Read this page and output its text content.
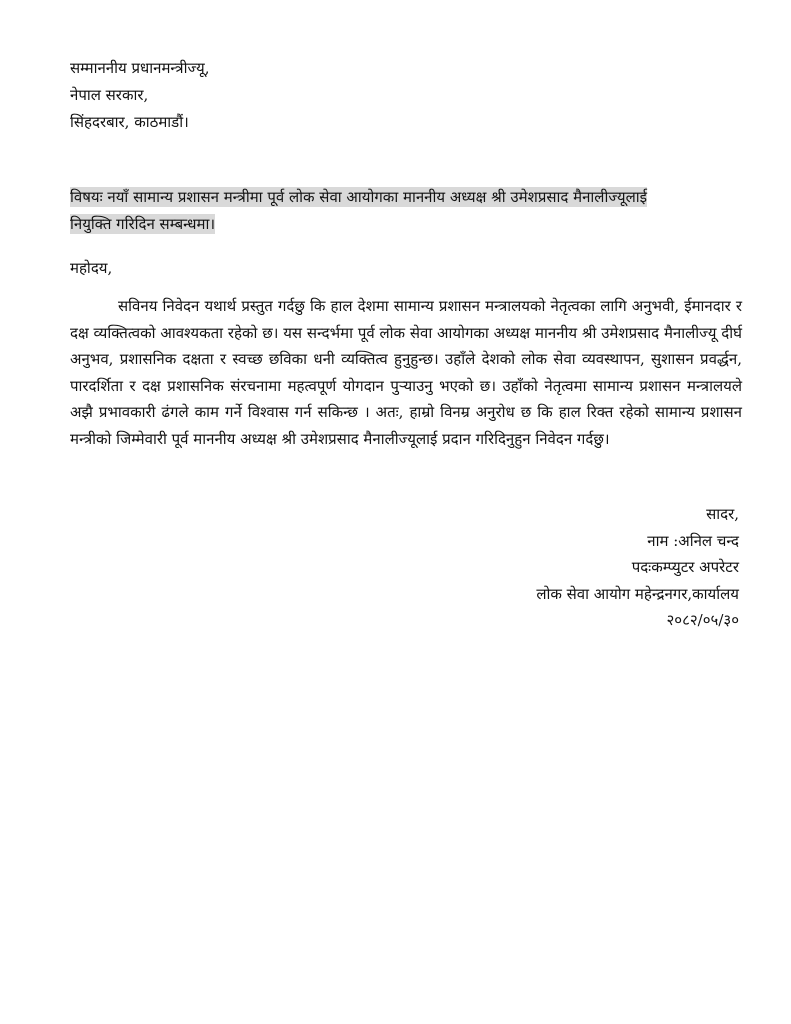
सम्माननीय प्रधानमन्त्रीज्यू,
नेपाल सरकार,
सिंहदरबार, काठमाडौं।
विषयः नयाँ सामान्य प्रशासन मन्त्रीमा पूर्व लोक सेवा आयोगका माननीय अध्यक्ष श्री उमेशप्रसाद मैनालीज्यूलाई
नियुक्ति गरिदिन सम्बन्धमा।
महोदय,
सविनय निवेदन यथार्थ प्रस्तुत गर्दछु कि हाल देशमा सामान्य प्रशासन मन्त्रालयको नेतृत्वका लागि अनुभवी, ईमानदार र दक्ष व्यक्तित्वको आवश्यकता रहेको छ। यस सन्दर्भमा पूर्व लोक सेवा आयोगका अध्यक्ष माननीय श्री उमेशप्रसाद मैनालीज्यू दीर्घ अनुभव, प्रशासनिक दक्षता र स्वच्छ छविका धनी व्यक्तित्व हुनुहुन्छ। उहाँले देशको लोक सेवा व्यवस्थापन, सुशासन प्रवर्द्धन, पारदर्शिता र दक्ष प्रशासनिक संरचनामा महत्वपूर्ण योगदान पुऱ्याउनु भएको छ। उहाँको नेतृत्वमा सामान्य प्रशासन मन्त्रालयले अझै प्रभावकारी ढंगले काम गर्ने विश्वास गर्न सकिन्छ । अतः, हाम्रो विनम्र अनुरोध छ कि हाल रिक्त रहेको सामान्य प्रशासन मन्त्रीको जिम्मेवारी पूर्व माननीय अध्यक्ष श्री उमेशप्रसाद मैनालीज्यूलाई प्रदान गरिदिनुहुन निवेदन गर्दछु।
सादर,
नाम :अनिल चन्द
पदःकम्प्युटर अपरेटर
लोक सेवा आयोग महेन्द्रनगर,कार्यालय
२०८२/०५/३०
